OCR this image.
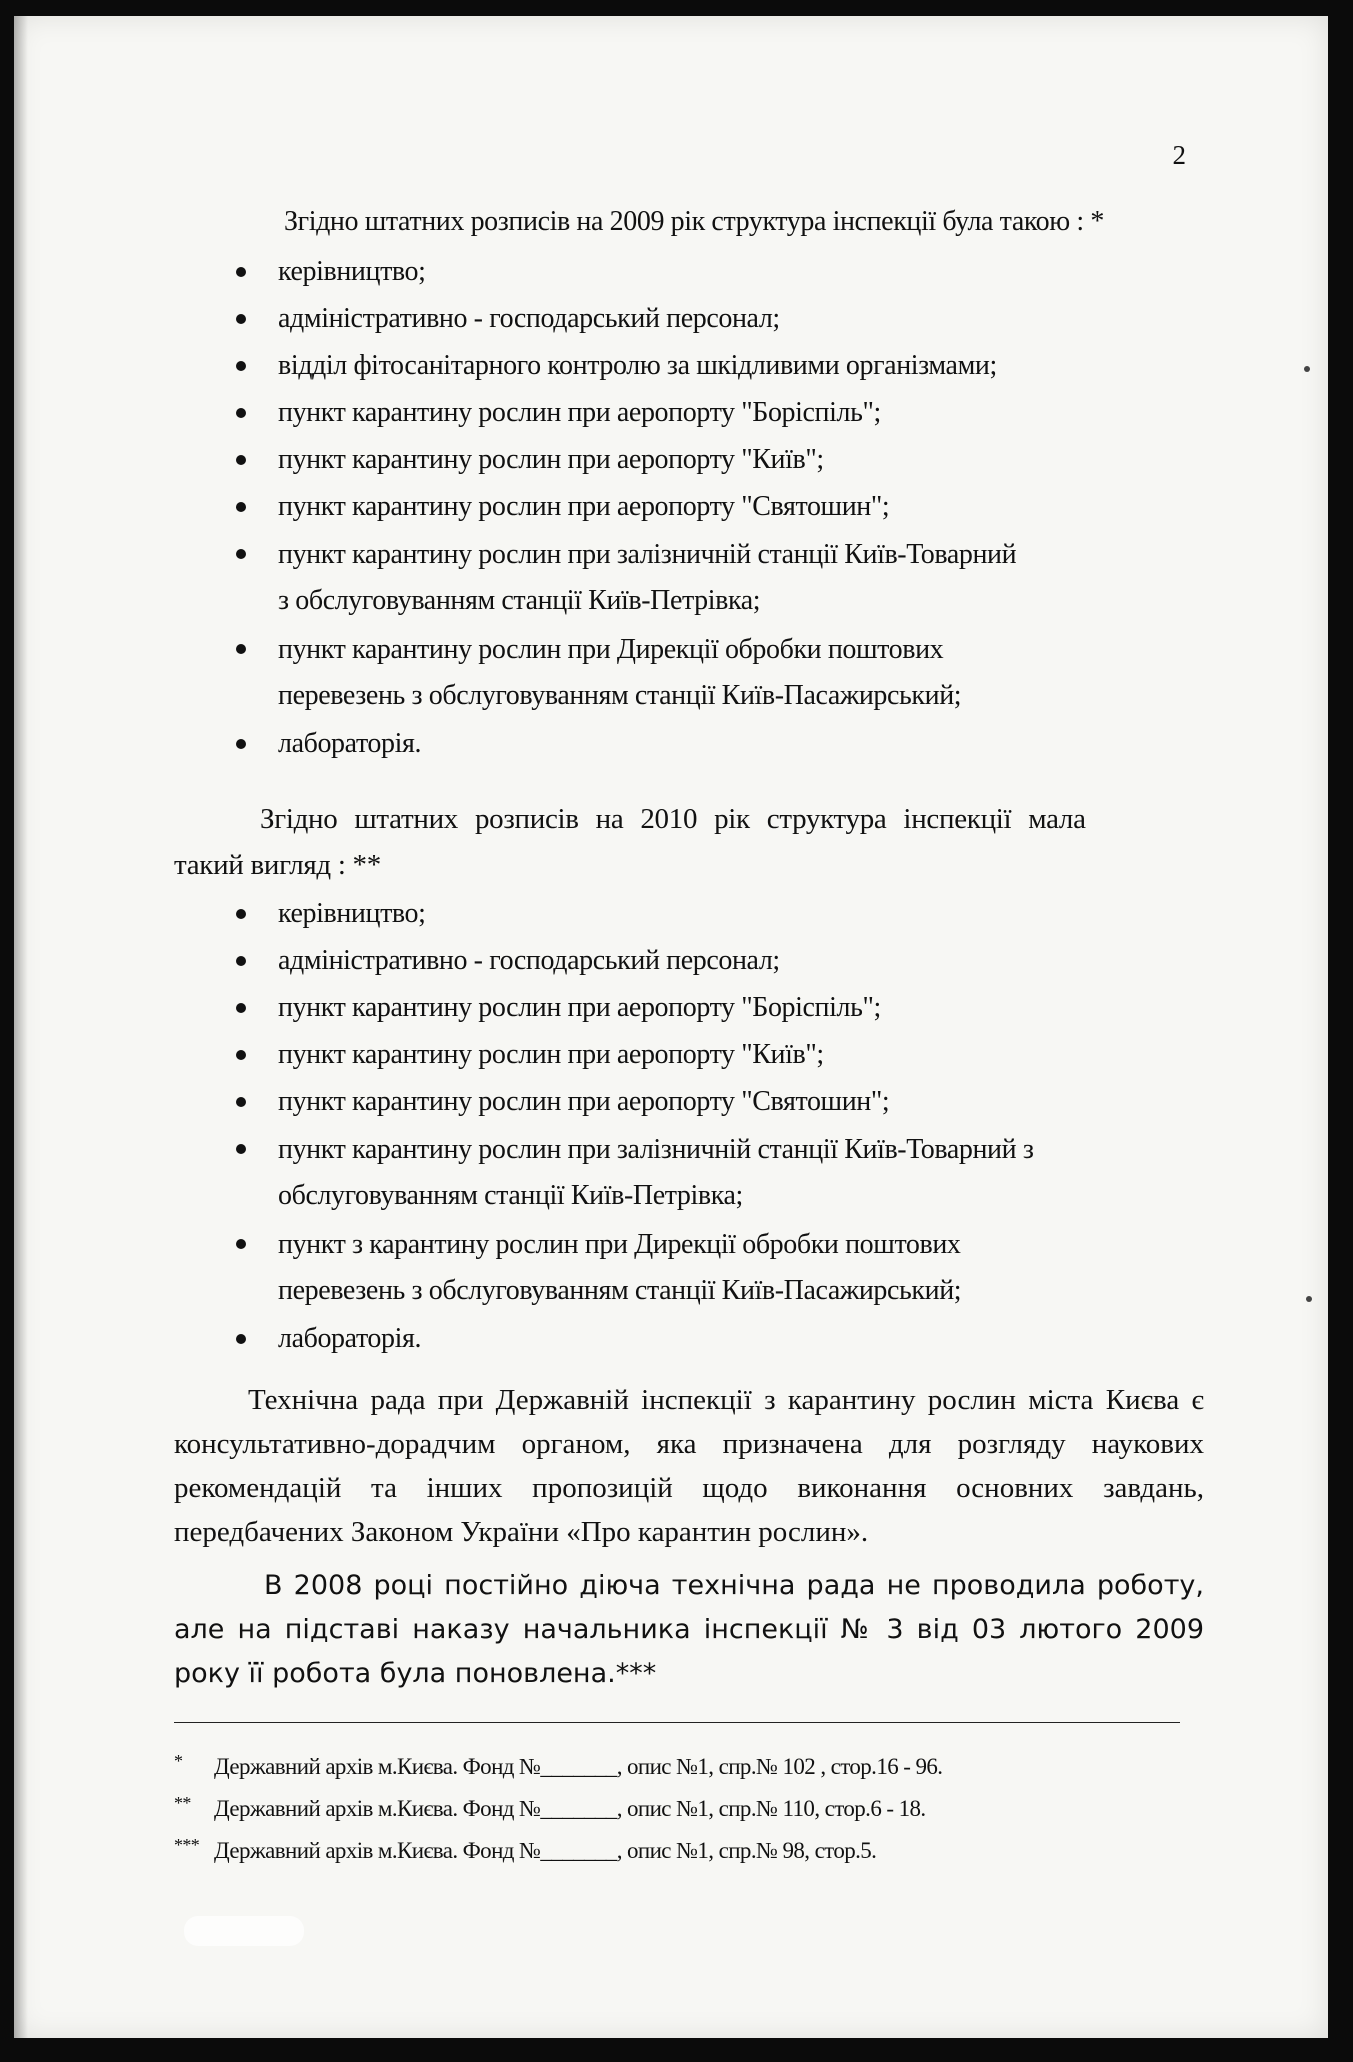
2
Згідно штатних розписів на 2009 рік структура інспекції була такою : *
керівництво;
адміністративно - господарський персонал;
відділ фітосанітарного контролю за шкідливими організмами;
пункт карантину рослин при аеропорту "Боріспіль";
пункт карантину рослин при аеропорту "Київ";
пункт карантину рослин при аеропорту "Святошин";
пункт карантину рослин при залізничній станції Київ-Товарний
з обслуговуванням станції Київ-Петрівка;
пункт карантину рослин при Дирекції обробки поштових
перевезень з обслуговуванням станції Київ-Пасажирський;
лабораторія.
Згідно штатних розписів на 2010 рік структура інспекції мала
такий вигляд : **
керівництво;
адміністративно - господарський персонал;
пункт карантину рослин при аеропорту "Боріспіль";
пункт карантину рослин при аеропорту "Київ";
пункт карантину рослин при аеропорту "Святошин";
пункт карантину рослин при залізничній станції Київ-Товарний з
обслуговуванням станції Київ-Петрівка;
пункт з карантину рослин при Дирекції обробки поштових
перевезень з обслуговуванням станції Київ-Пасажирський;
лабораторія.

Технічна рада при Державній інспекції з карантину рослин міста Києва є консультативно-дорадчим органом, яка призначена для розгляду наукових рекомендацій та інших пропозицій щодо виконання основних завдань, передбачених Законом України «Про карантин рослин».

В 2008 році постійно діюча технічна рада не проводила роботу, але на підставі наказу начальника інспекції № 3 від 03 лютого 2009 року її робота була поновлена.***

* Державний архів м.Києва. Фонд №_______, опис №1, спр.№ 102 , стор.16 - 96.
** Державний архів м.Києва. Фонд №_______, опис №1, спр.№ 110, стор.6 - 18.
*** Державний архів м.Києва. Фонд №_______, опис №1, спр.№ 98, стор.5.
